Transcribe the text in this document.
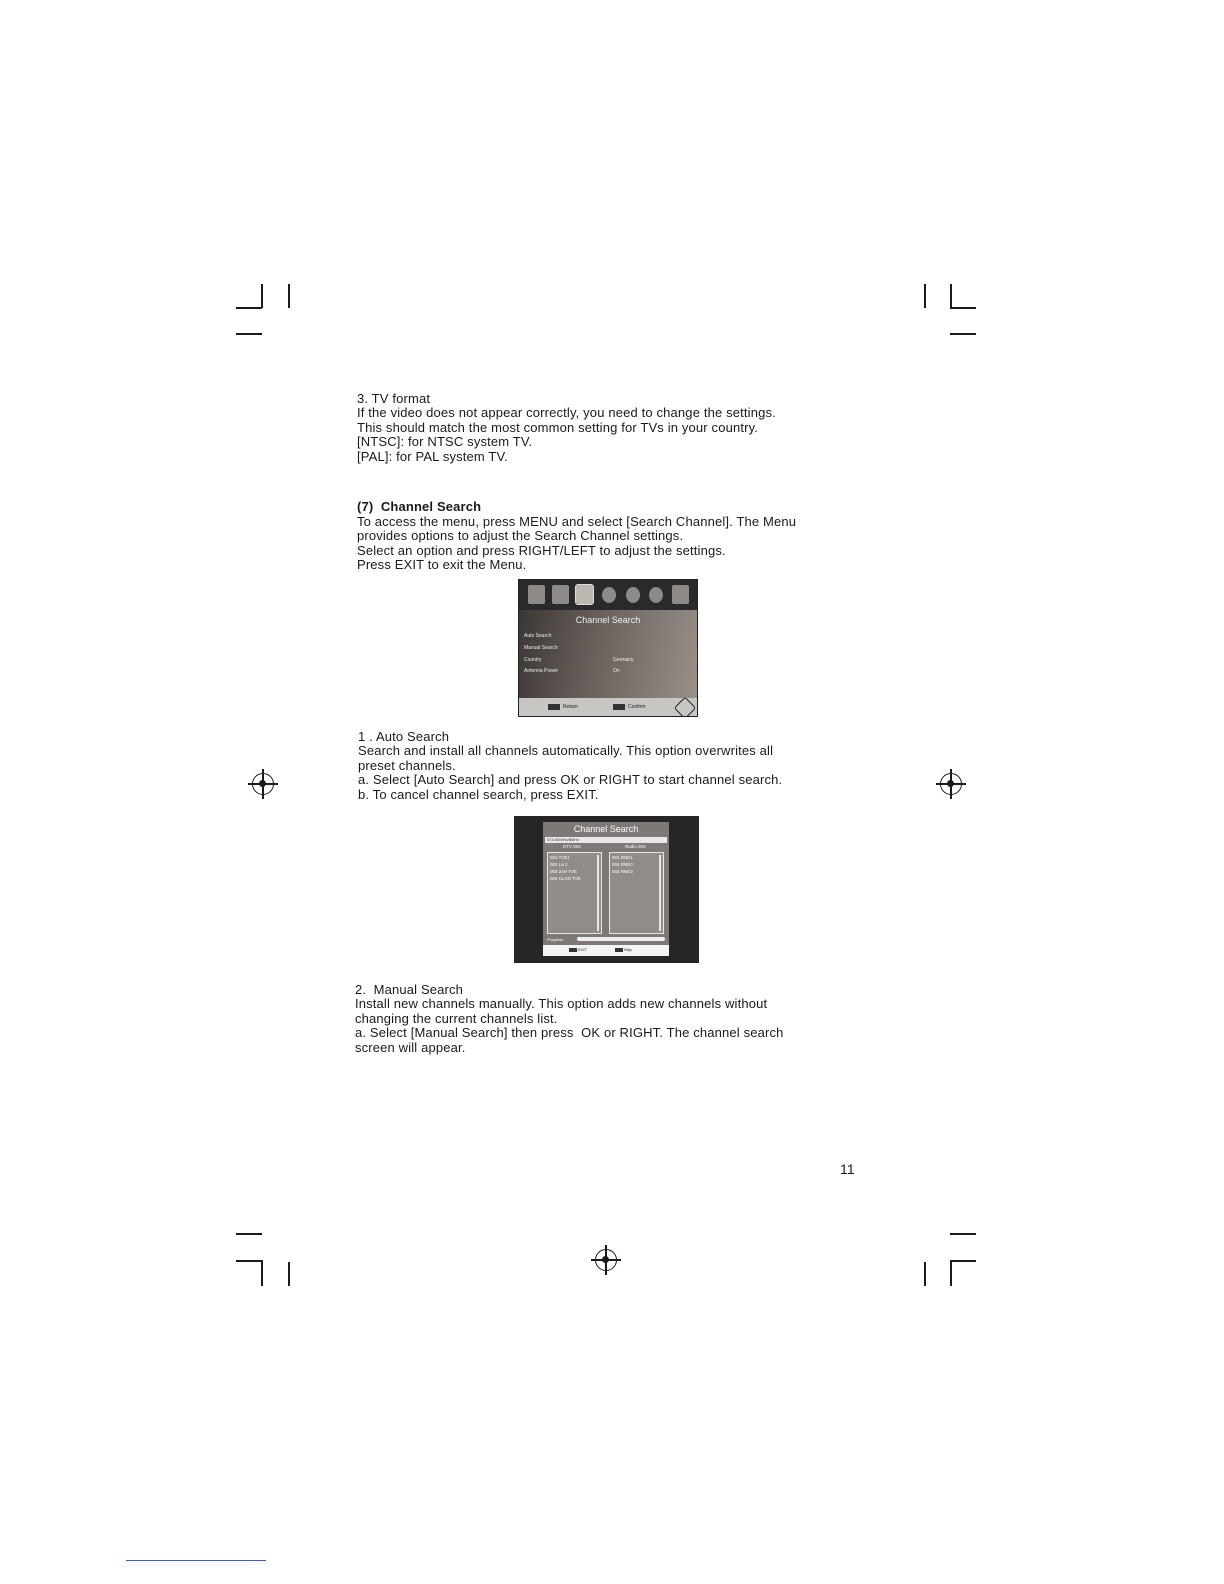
3. TV format
If the video does not appear correctly, you need to change the settings.
This should match the most common setting for TVs in your country.
[NTSC]: for NTSC system TV.
[PAL]: for PAL system TV.
(7)  Channel Search
To access the menu, press MENU and select [Search Channel]. The Menu
provides options to adjust the Search Channel settings.
Select an option and press RIGHT/LEFT to adjust the settings.
Press EXIT to exit the Menu.
Channel Search
Auto Search
Manual Search
Country	Germany
Antenna Power	On
Return	Confirm
1 . Auto Search
Search and install all channels automatically. This option overwrites all
preset channels.
a. Select [Auto Search] and press OK or RIGHT to start channel search.
b. To cancel channel search, press EXIT.
Channel Search
474.00MHz/8MHz
DTV 004	Radio 003
001 TVE1
002 La 2
003 24H TVE
004 CLAN TVE
001 RNE1
002 RNEC
003 RNE3
Progress
EXIT	Skip
2.  Manual Search
Install new channels manually. This option adds new channels without
changing the current channels list.
a. Select [Manual Search] then press  OK or RIGHT. The channel search
screen will appear.
11
